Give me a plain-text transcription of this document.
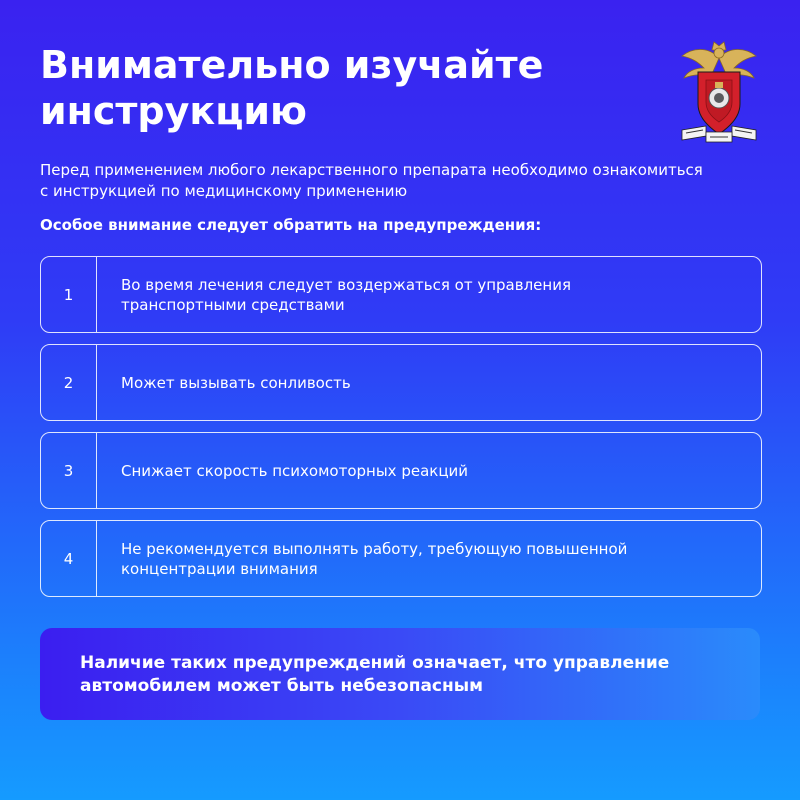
Внимательно изучайте
инструкцию
Перед применением любого лекарственного препарата необходимо ознакомиться
с инструкцией по медицинскому применению
Особое внимание следует обратить на предупреждения:
1
Во время лечения следует воздержаться от управления
транспортными средствами
2	Может вызывать сонливость
3	Снижает скорость психомоторных реакций
4
Не рекомендуется выполнять работу, требующую повышенной
концентрации внимания
Наличие таких предупреждений означает, что управление
автомобилем может быть небезопасным
